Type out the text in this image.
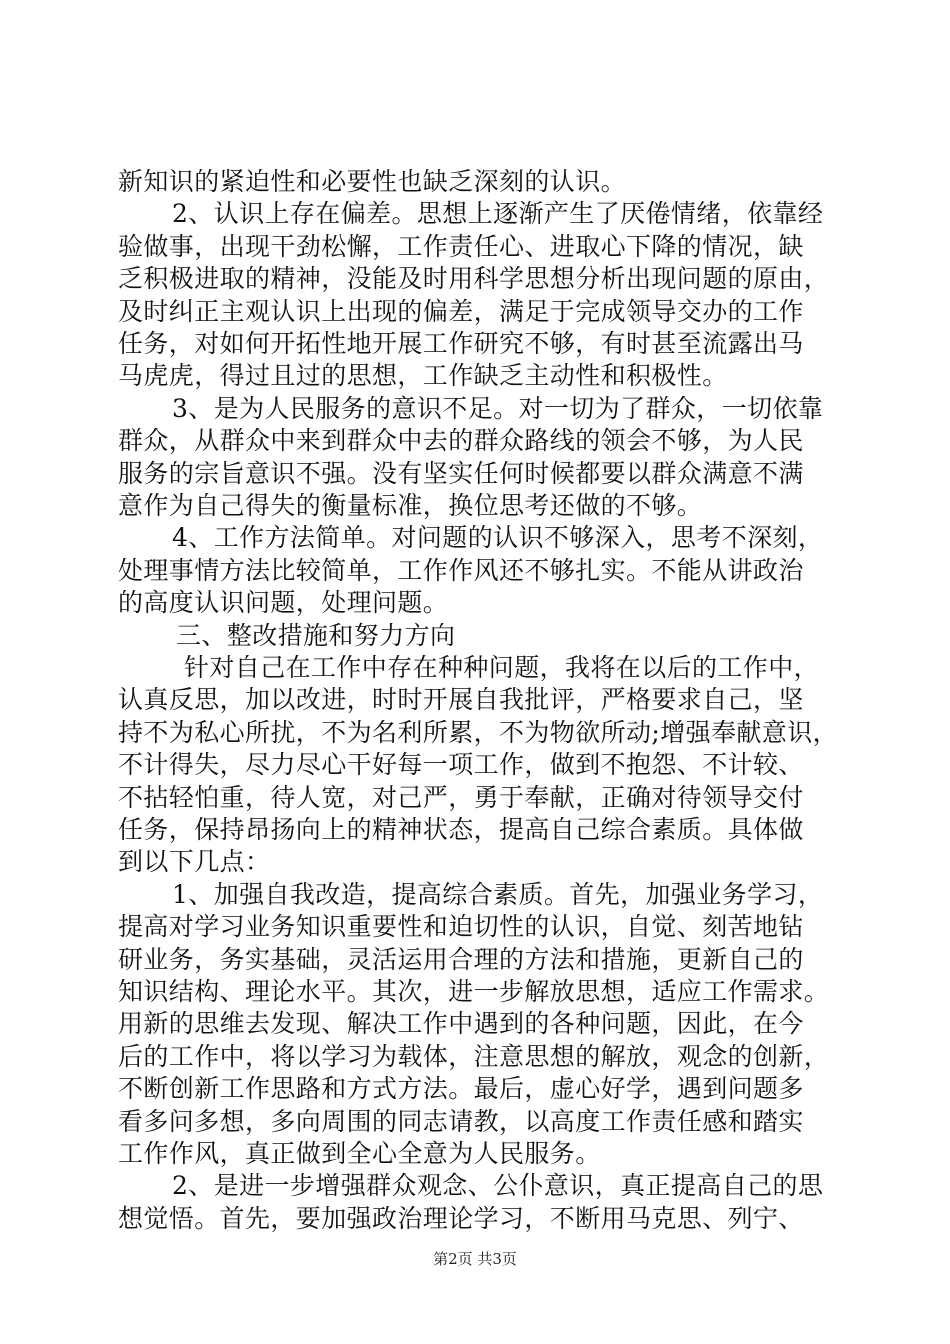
新知识的紧迫性和必要性也缺乏深刻的认识。

2、认识上存在偏差。思想上逐渐产生了厌倦情绪，依靠经

验做事，出现干劲松懈，工作责任心、进取心下降的情况，缺

乏积极进取的精神，没能及时用科学思想分析出现问题的原由，

及时纠正主观认识上出现的偏差，满足于完成领导交办的工作

任务，对如何开拓性地开展工作研究不够，有时甚至流露出马

马虎虎，得过且过的思想，工作缺乏主动性和积极性。

3、是为人民服务的意识不足。对一切为了群众，一切依靠

群众，从群众中来到群众中去的群众路线的领会不够，为人民

服务的宗旨意识不强。没有坚实任何时候都要以群众满意不满

意作为自己得失的衡量标准，换位思考还做的不够。

4、工作方法简单。对问题的认识不够深入，思考不深刻，

处理事情方法比较简单，工作作风还不够扎实。不能从讲政治

的高度认识问题，处理问题。

三、整改措施和努力方向

针对自己在工作中存在种种问题，我将在以后的工作中，

认真反思，加以改进，时时开展自我批评，严格要求自己，坚

持不为私心所扰，不为名利所累，不为物欲所动;增强奉献意识，

不计得失，尽力尽心干好每一项工作，做到不抱怨、不计较、

不拈轻怕重，待人宽，对己严，勇于奉献，正确对待领导交付

任务，保持昂扬向上的精神状态，提高自己综合素质。具体做

到以下几点：

1、加强自我改造，提高综合素质。首先，加强业务学习，

提高对学习业务知识重要性和迫切性的认识，自觉、刻苦地钻

研业务，务实基础，灵活运用合理的方法和措施，更新自己的

知识结构、理论水平。其次，进一步解放思想，适应工作需求。

用新的思维去发现、解决工作中遇到的各种问题，因此，在今

后的工作中，将以学习为载体，注意思想的解放，观念的创新，

不断创新工作思路和方式方法。最后，虚心好学，遇到问题多

看多问多想，多向周围的同志请教，以高度工作责任感和踏实

工作作风，真正做到全心全意为人民服务。

2、是进一步增强群众观念、公仆意识，真正提高自己的思

想觉悟。首先，要加强政治理论学习，不断用马克思、列宁、

第2页 共3页
